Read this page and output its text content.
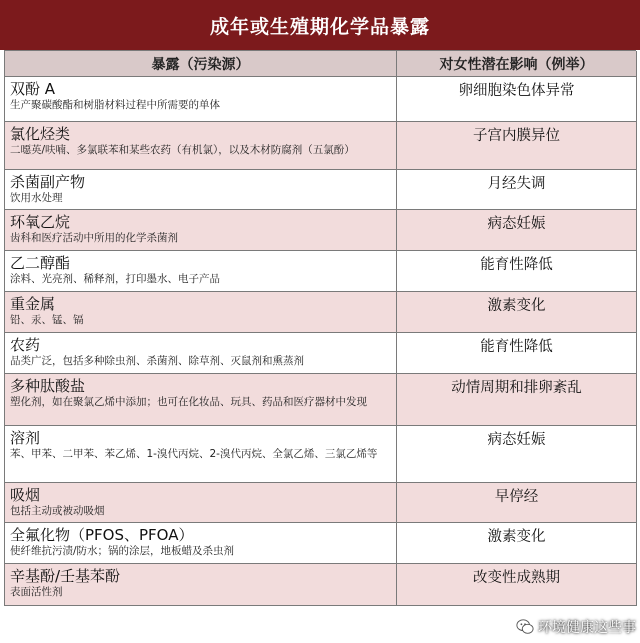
成年或生殖期化学品暴露
暴露（污染源）	对女性潜在影响（例举）
双酚 A
生产聚碳酸酯和树脂材料过程中所需要的单体
卵细胞染色体异常
氯化烃类
二噁英/呋喃、多氯联苯和某些农药（有机氯），以及木材防腐剂（五氯酚）
子宫内膜异位
杀菌副产物
饮用水处理
月经失调
环氧乙烷
齿科和医疗活动中所用的化学杀菌剂
病态妊娠
乙二醇酯
涂料、光亮剂、稀释剂，打印墨水、电子产品
能育性降低
重金属
铅、汞、锰、镉
激素变化
农药
品类广泛，包括多种除虫剂、杀菌剂、除草剂、灭鼠剂和熏蒸剂
能育性降低
多种肽酸盐
塑化剂，如在聚氯乙烯中添加；也可在化妆品、玩具、药品和医疗器材中发现
动情周期和排卵紊乱
溶剂
苯、甲苯、二甲苯、苯乙烯、1-溴代丙烷、2-溴代丙烷、全氯乙烯、三氯乙烯等
病态妊娠
吸烟
包括主动或被动吸烟
早停经
全氟化物（PFOS、PFOA）
使纤维抗污渍/防水；锅的涂层，地板蜡及杀虫剂
激素变化
辛基酚/壬基苯酚
表面活性剂
改变性成熟期
环境健康这些事
